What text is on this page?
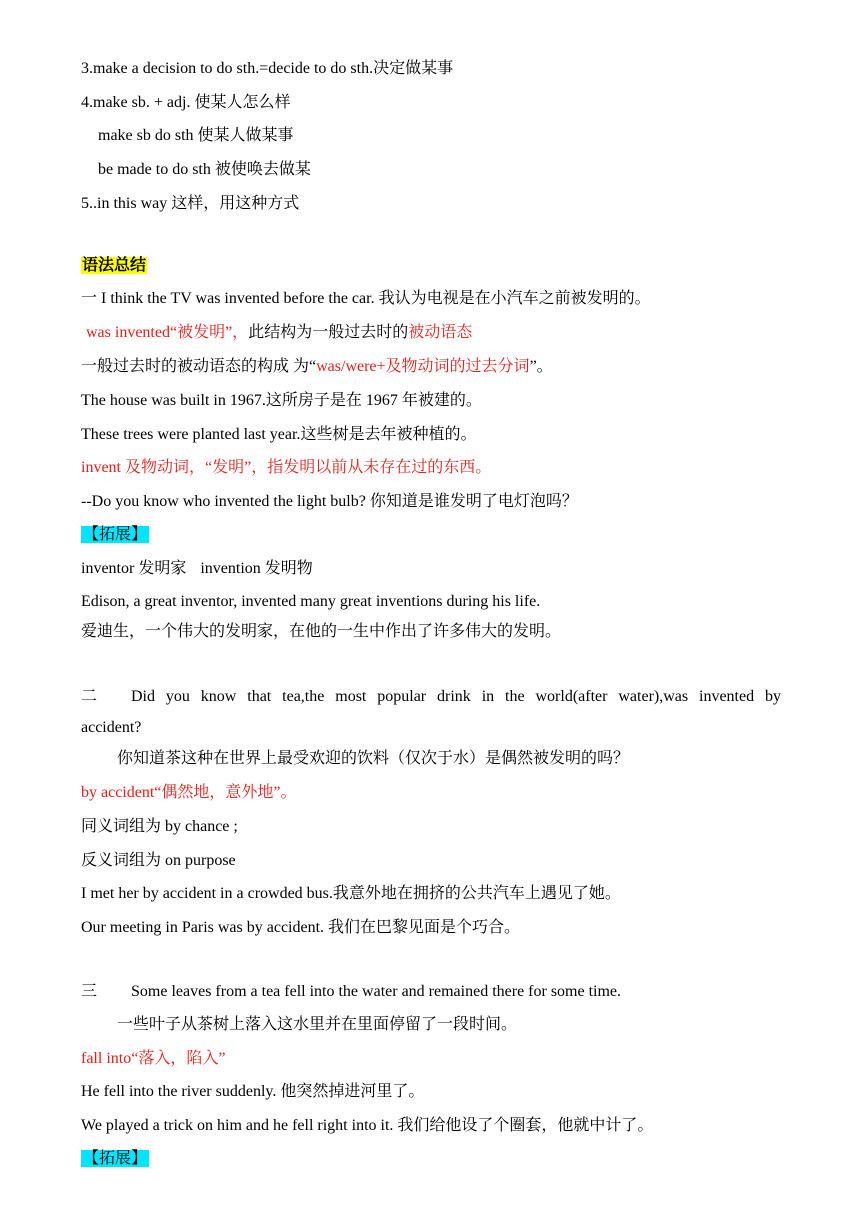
3.make a decision to do sth.=decide to do sth.决定做某事
4.make sb. + adj. 使某人怎么样
make sb do sth 使某人做某事
be made to do sth 被使唤去做某
5..in this way 这样，用这种方式
语法总结
一 I think the TV was invented before the car. 我认为电视是在小汽车之前被发明的。
was invented“被发明”，此结构为一般过去时的被动语态
一般过去时的被动语态的构成 为“was/were+及物动词的过去分词”。
The house was built in 1967.这所房子是在 1967 年被建的。
These trees were planted last year.这些树是去年被种植的。
invent 及物动词，“发明”，指发明以前从未存在过的东西。
--Do you know who invented the light bulb? 你知道是谁发明了电灯泡吗？
【拓展】
inventor 发明家 invention 发明物
Edison, a great inventor, invented many great inventions during his life.
爱迪生，一个伟大的发明家，在他的一生中作出了许多伟大的发明。
二 Did you know that tea,the most popular drink in the world(after water),was invented by
accident?
你知道茶这种在世界上最受欢迎的饮料（仅次于水）是偶然被发明的吗？
by accident“偶然地，意外地”。
同义词组为 by chance ;
反义词组为 on purpose
I met her by accident in a crowded bus.我意外地在拥挤的公共汽车上遇见了她。
Our meeting in Paris was by accident. 我们在巴黎见面是个巧合。
三 Some leaves from a tea fell into the water and remained there for some time.
一些叶子从茶树上落入这水里并在里面停留了一段时间。
fall into“落入，陷入”
He fell into the river suddenly. 他突然掉进河里了。
We played a trick on him and he fell right into it. 我们给他设了个圈套，他就中计了。
【拓展】
